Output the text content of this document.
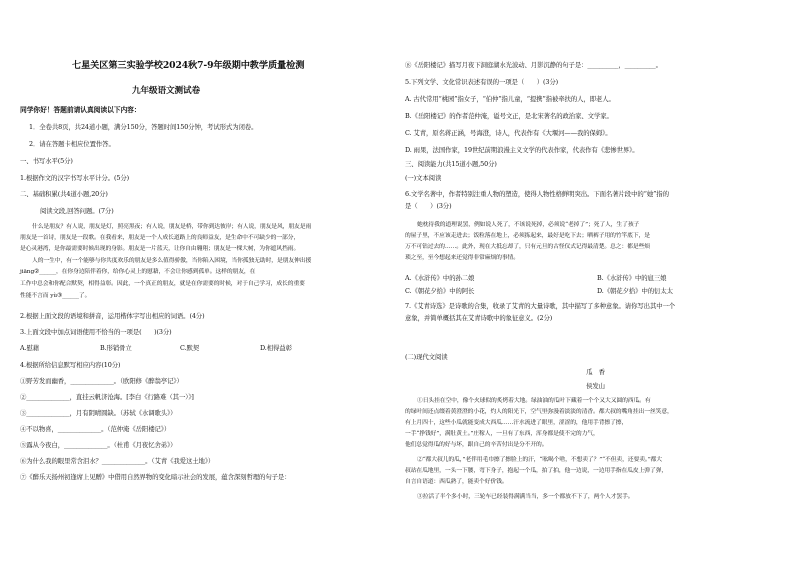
七星关区第三实验学校2024秋7-9年级期中教学质量检测
九年级语文测试卷
同学你好！答题前请认真阅读以下内容：
1．全卷共8页，共24道小题，满分150分，答题时间150分钟，考试形式为闭卷。
2．请在答题卡相应位置作答。
一、书写水平(5分)
1.根据作文的汉字书写水平计分。(5分)
二、基础积累(共4道小题,20分)
阅读文段,回答问题。(7分)
什么是朋友？有人说，朋友是灯，照亮黑夜；有人说，朋友是桥，带你到达彼岸；有人说，朋友是风，朋友是雨
朋友是一首诗，朋友是一段歌。在我看来，朋友是一个人成长道路上的良师益友，是生命中不可缺少的一部分，
是心灵港湾，是你最需要时候出现的身影。朋友是一片蓝天，让你自由翱翔；朋友是一棵大树，为你遮风挡雨。
人的一生中，有一个能够与你共度欢乐的朋友是多么值得骄傲，当你陷入困境，当你孤独无助时，是朋友伸出援
jiāng②______，在你身边陪伴着你，给你心灵上的慰藉，不会让你感到孤单。这样的朋友，在
工作中总会和你配合默契，相得益彰。因此，一个真正的朋友，就是在你需要的时候，对于自己学习，成长的重要
性能不言而 yù③______了。
2.根据上面文段的语境和拼音，运用楷体字写出相应的词语。(4分)
3.上面文段中加点词语使用不恰当的一项是(　　)(3分)
A.慰藉	B.形销骨立	C.默契	D.相得益彰
4.根据所给信息默写相应内容(10分)
①野芳发而幽香，______________。（欧阳修《醉翁亭记》）
②______________，直挂云帆济沧海。[李白《行路难（其一）》]
③______________，月有阴晴圆缺。（苏轼《水调歌头》）
④不以物喜，______________。（范仲淹《岳阳楼记》）
⑤露从今夜白，______________。（杜甫《月夜忆舍弟》）
⑥为什么我的眼里常含泪水？______________。（艾青《我爱这土地》）
⑦《醉乐天扬州初逢席上见赠》中借用自然界物的变化暗示社会的发展，蕴含深刻哲理的句子是：
⑧《岳阳楼记》描写月夜下洞庭湖水光波动、月影沉静的句子是：__________，__________。
5.下列文学、文化常识表述有误的一项是（　　）(3分)
A. 古代常用“桃园”指女子，“伯仲”指儿童，“提携”指被牵扶的人，即老人。
B.《岳阳楼记》的作者范仲淹，谥号文正，是北宋著名的政治家、文学家。
C. 艾青，原名蒋正涵，号海澄，诗人，代表作有《大堰河——我的保姆》。
D. 雨果，法国作家，19世纪前期浪漫主义文学的代表作家，代表作有《悲惨世界》。
三、阅读能力(共15道小题,50分)
(一)文本阅读
6.文学名著中，作者特别注重人物的塑造，使得人物性格鲜明突出。下面名著片段中的“她”指的
是（　　）(3分)
她枕待我的道理说罢，例如说人死了，不该说死掉，必须说“老掉了”；死了人，生了孩子
的屋子里，不应该走进去；饭粒落在地上，必须拣起来，最好是吃下去；晒裤子用的竹竿底下，是
万不可钻过去的……。此外，现在大抵忘却了，只有元旦的古怪仪式记得最清楚。总之：都是些烦
琐之至，至今想起来还觉得非常麻烦的事情。
A.《水浒传》中的孙二娘	B.《水浒传》中的扈三娘
C.《朝花夕拾》中的阿长	D.《朝花夕拾》中的衍太太
7.《艾青诗选》是诗歌的合集，收录了艾青的大量诗歌，其中描写了多种意象。请你写出其中一个
意象，并简单概括其在艾青诗歌中的象征意义。(2分)
(二)现代文阅读
瓜　香
侯发山
①日头挂在空中，像个火球似的炙烤着大地。绿油油的瓜叶下藏着一个个又大又圆的西瓜。有
的绿叶间还点缀着黄澄澄的小花，灼人的阳光下，空气里弥漫着淡淡的清香。都大叔的嘴角挂出一丝笑意，
有上月四十，这些小瓜就能变成大西瓜……汗水流进了眼里，涩涩的，他用手背擦了擦，
一手“挣钱好”，满肚黄土。”庄稼人，一旦有了东西，浑身都是使不完的力气，
他们总觉得瓜的好与坏，跟自己的辛苦付出是分不开的。
②“都大叔儿的瓜，”老伴用毛巾擦了擦脸上的汗，“吆喝个啥，不想卖了？”“不但卖，还要卖。”都大
叔站在瓜地里，一头一下腰，弯下身子，抱起一个瓜，拍了拍，他一边说，一边用手指在瓜皮上弹了弹，
自言自语道：西瓜熟了，能卖个好价钱。
③拉活了半个多小时，三轮车已经装得满满当当，多一个都放不下了，两个人才罢手。
